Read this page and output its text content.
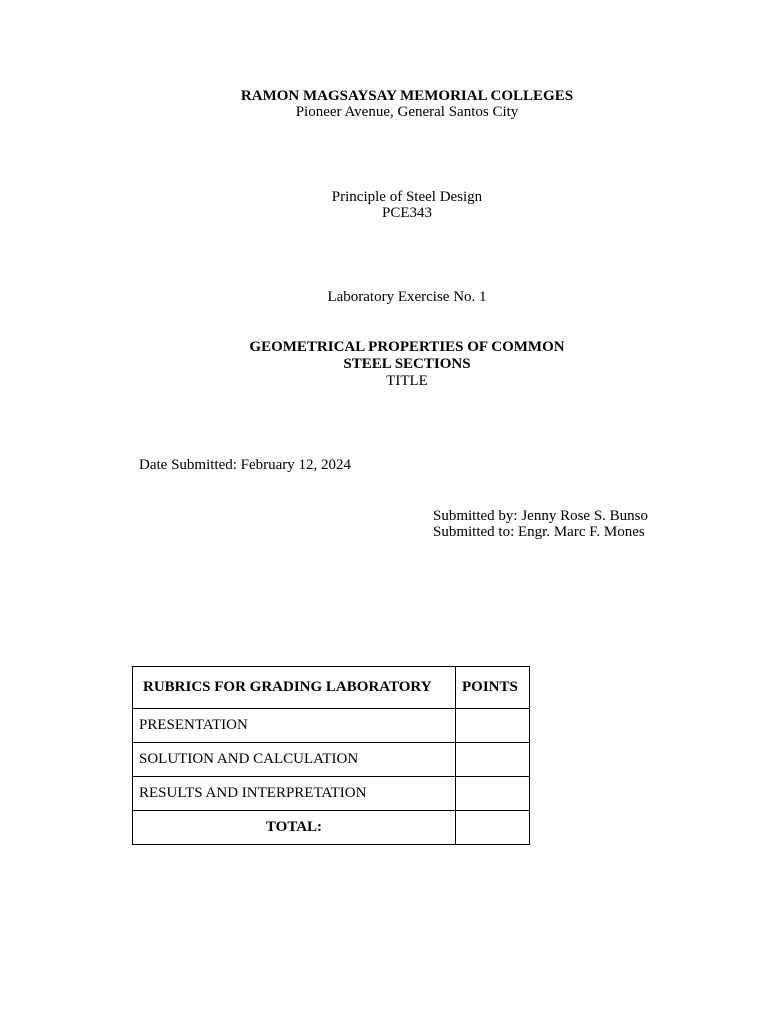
RAMON MAGSAYSAY MEMORIAL COLLEGES
Pioneer Avenue, General Santos City
Principle of Steel Design
PCE343
Laboratory Exercise No. 1
GEOMETRICAL PROPERTIES OF COMMON
STEEL SECTIONS
TITLE
Date Submitted: February 12, 2024
Submitted by: Jenny Rose S. Bunso
Submitted to: Engr. Marc F. Mones
RUBRICS FOR GRADING LABORATORY	POINTS
PRESENTATION	
SOLUTION AND CALCULATION	
RESULTS AND INTERPRETATION	
TOTAL:	
